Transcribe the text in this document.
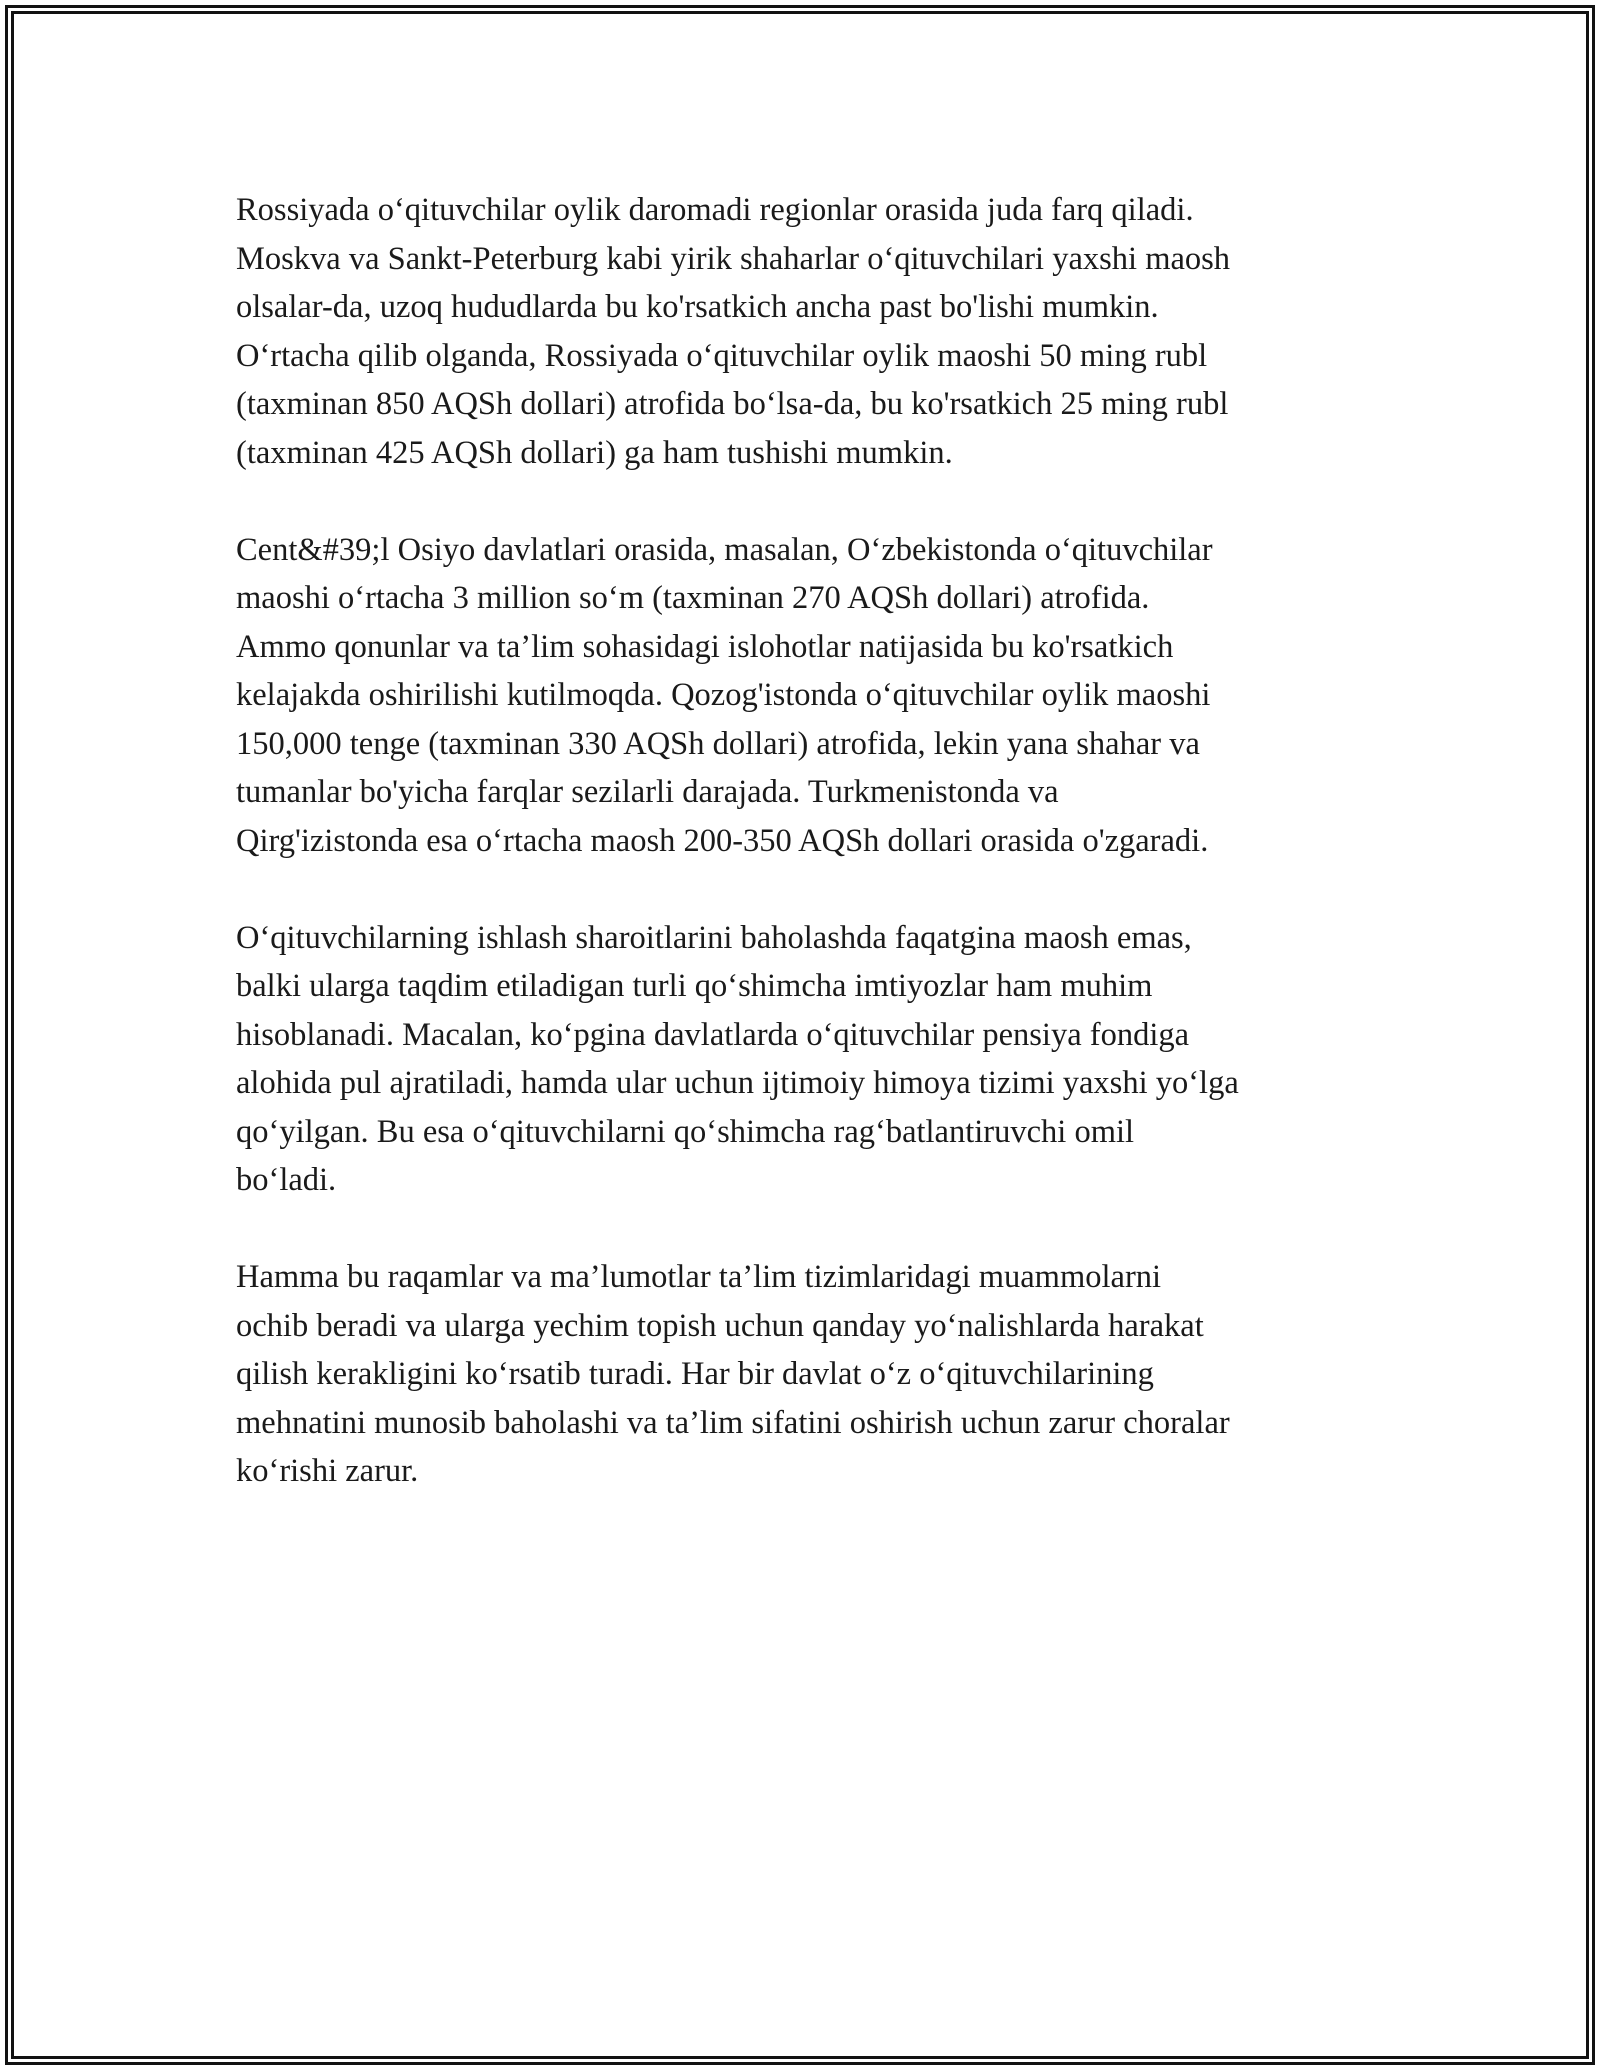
Rossiyada o‘qituvchilar oylik daromadi regionlar orasida juda farq qiladi.
Moskva va Sankt-Peterburg kabi yirik shaharlar o‘qituvchilari yaxshi maosh
olsalar-da, uzoq hududlarda bu ko'rsatkich ancha past bo'lishi mumkin.
O‘rtacha qilib olganda, Rossiyada o‘qituvchilar oylik maoshi 50 ming rubl
(taxminan 850 AQSh dollari) atrofida bo‘lsa-da, bu ko'rsatkich 25 ming rubl
(taxminan 425 AQSh dollari) ga ham tushishi mumkin.

Cent&#39;l Osiyo davlatlari orasida, masalan, O‘zbekistonda o‘qituvchilar
maoshi o‘rtacha 3 million so‘m (taxminan 270 AQSh dollari) atrofida.
Ammo qonunlar va ta’lim sohasidagi islohotlar natijasida bu ko'rsatkich
kelajakda oshirilishi kutilmoqda. Qozog'istonda o‘qituvchilar oylik maoshi
150,000 tenge (taxminan 330 AQSh dollari) atrofida, lekin yana shahar va
tumanlar bo'yicha farqlar sezilarli darajada. Turkmenistonda va
Qirg'izistonda esa o‘rtacha maosh 200-350 AQSh dollari orasida o'zgaradi.

O‘qituvchilarning ishlash sharoitlarini baholashda faqatgina maosh emas,
balki ularga taqdim etiladigan turli qo‘shimcha imtiyozlar ham muhim
hisoblanadi. Macalan, ko‘pgina davlatlarda o‘qituvchilar pensiya fondiga
alohida pul ajratiladi, hamda ular uchun ijtimoiy himoya tizimi yaxshi yo‘lga
qo‘yilgan. Bu esa o‘qituvchilarni qo‘shimcha rag‘batlantiruvchi omil
bo‘ladi.

Hamma bu raqamlar va ma’lumotlar ta’lim tizimlaridagi muammolarni
ochib beradi va ularga yechim topish uchun qanday yo‘nalishlarda harakat
qilish kerakligini ko‘rsatib turadi. Har bir davlat o‘z o‘qituvchilarining
mehnatini munosib baholashi va ta’lim sifatini oshirish uchun zarur choralar
ko‘rishi zarur.
